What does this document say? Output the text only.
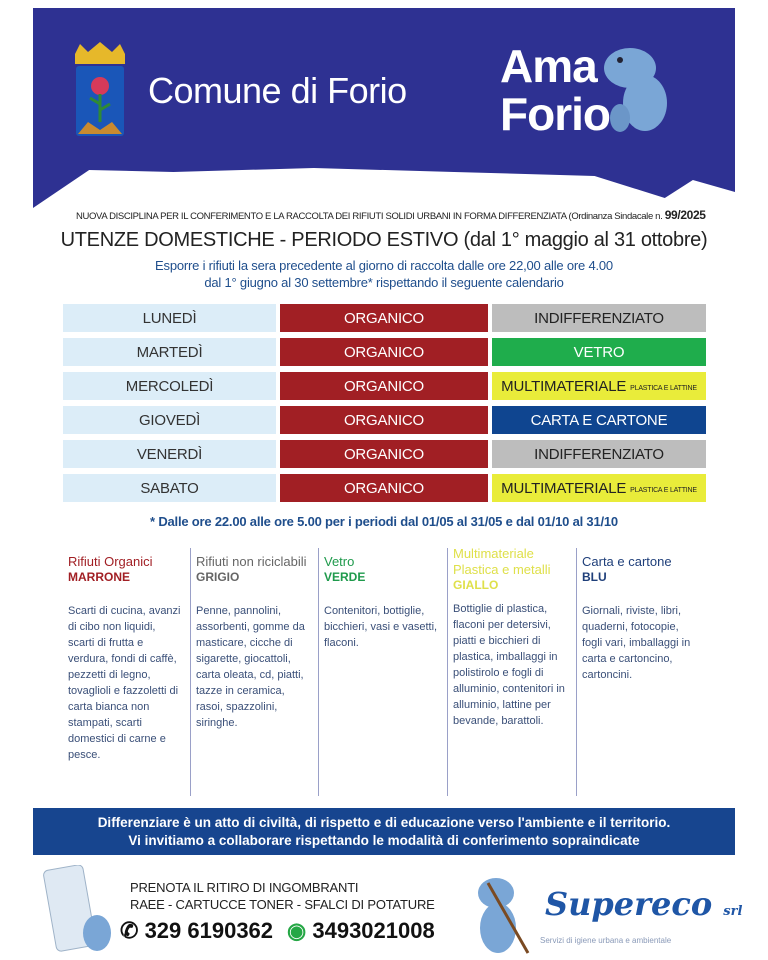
Comune di Forio Ama
Forio
NUOVA DISCIPLINA PER IL CONFERIMENTO E LA RACCOLTA DEI RIFIUTI SOLIDI URBANI IN FORMA DIFFERENZIATA (Ordinanza Sindacale n. 99/2025
UTENZE DOMESTICHE - PERIODO ESTIVO (dal 1° maggio al 31 ottobre)
Esporre i rifiuti la sera precedente al giorno di raccolta dalle ore 22,00 alle ore 4.00
dal 1° giugno al 30 settembre* rispettando il seguente calendario
LUNEDÌ	ORGANICO	INDIFFERENZIATO
MARTEDÌ	ORGANICO	VETRO
MERCOLEDÌ	ORGANICO	MULTIMATERIALE PLASTICA E LATTINE
GIOVEDÌ	ORGANICO	CARTA E CARTONE
VENERDÌ	ORGANICO	INDIFFERENZIATO
SABATO	ORGANICO	MULTIMATERIALE PLASTICA E LATTINE
* Dalle ore 22.00 alle ore 5.00 per i periodi dal 01/05 al 31/05 e dal 01/10 al 31/10
Rifiuti Organici
MARRONE

Scarti di cucina, avanzi di cibo non liquidi, scarti di frutta e verdura, fondi di caffè, pezzetti di legno, tovaglioli e fazzoletti di carta bianca non stampati, scarti domestici di carne e pesce.

Rifiuti non riciclabili
GRIGIO

Penne, pannolini, assorbenti, gomme da masticare, cicche di sigarette, giocattoli, carta oleata, cd, piatti, tazze in ceramica, rasoi, spazzolini, siringhe.

Vetro
VERDE

Contenitori, bottiglie, bicchieri, vasi e vasetti, flaconi.

Multimateriale Plastica e metalli
GIALLO

Bottiglie di plastica, flaconi per detersivi, piatti e bicchieri di plastica, imballaggi in polistirolo e fogli di alluminio, contenitori in alluminio, lattine per bevande, barattoli.

Carta e cartone
BLU

Giornali, riviste, libri, quaderni, fotocopie, fogli vari, imballaggi in carta e cartoncino, cartoncini.

Differenziare è un atto di civiltà, di rispetto e di educazione verso l'ambiente e il territorio.
Vi invitiamo a collaborare rispettando le modalità di conferimento sopraindicate
PRENOTA IL RITIRO DI INGOMBRANTI
RAEE - CARTUCCE TONER - SFALCI DI POTATURE
✆ 329 6190362 ◉ 3493021008
Supereco srl
Servizi di igiene urbana e ambientale
